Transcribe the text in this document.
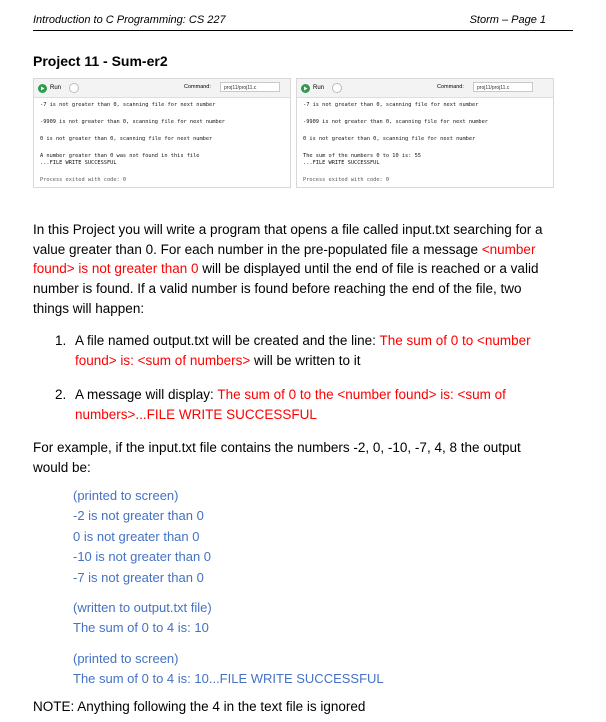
Introduction to C Programming: CS 227	Storm – Page 1
Project 11 - Sum-er2
Run	Command:	proj11/proj11.c
-7 is not greater than 0, scanning file for next number
-9909 is not greater than 0, scanning file for next number
0 is not greater than 0, scanning file for next number
A number greater than 0 was not found in this file
...FILE WRITE SUCCESSFUL
Process exited with code: 0
Run	Command:	proj11/proj11.c
-7 is not greater than 0, scanning file for next number
-9909 is not greater than 0, scanning file for next number
0 is not greater than 0, scanning file for next number
The sum of the numbers 0 to 10 is: 55
...FILE WRITE SUCCESSFUL
Process exited with code: 0
In this Project you will write a program that opens a file called input.txt searching for a value greater than 0. For each number in the pre-populated file a message <number found> is not greater than 0 will be displayed until the end of file is reached or a valid number is found. If a valid number is found before reaching the end of the file, two things will happen:
1. A file named output.txt will be created and the line: The sum of 0 to <number found> is: <sum of numbers> will be written to it
2. A message will display: The sum of 0 to the <number found> is: <sum of numbers>...FILE WRITE SUCCESSFUL
For example, if the input.txt file contains the numbers -2, 0, -10, -7, 4, 8 the output would be:
(printed to screen)
-2 is not greater than 0
0 is not greater than 0
-10 is not greater than 0
-7 is not greater than 0
(written to output.txt file)
The sum of 0 to 4 is: 10
(printed to screen)
The sum of 0 to 4 is: 10...FILE WRITE SUCCESSFUL
NOTE: Anything following the 4 in the text file is ignored
